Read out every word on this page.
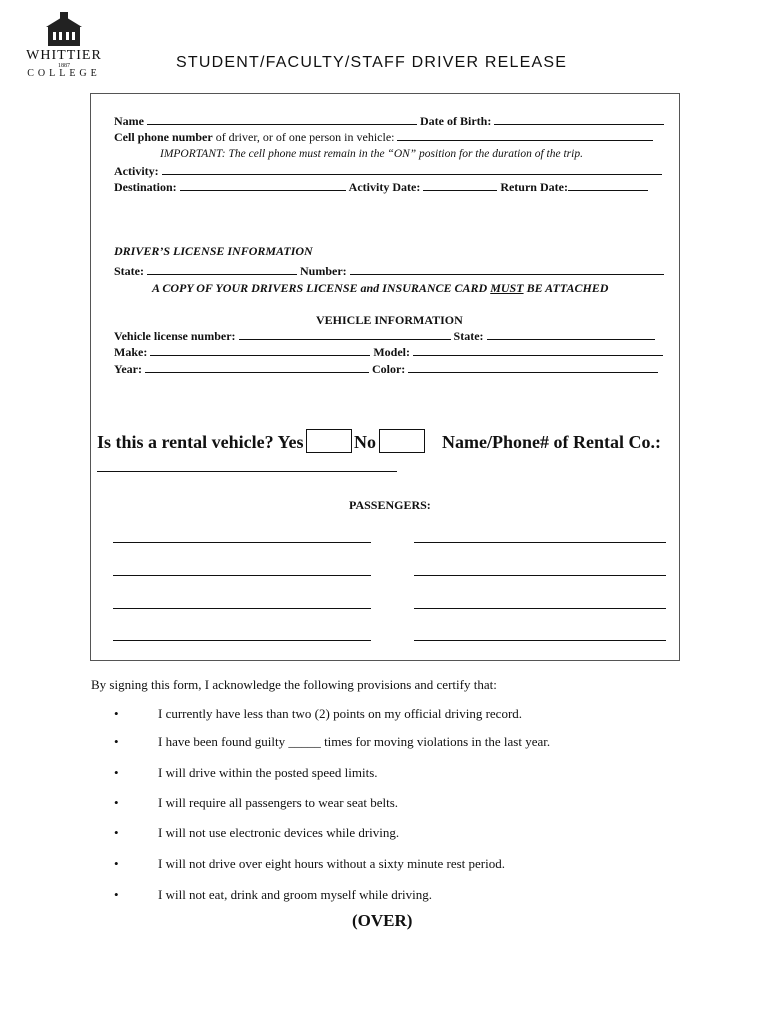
WHITTIER
1887
COLLEGE
STUDENT/FACULTY/STAFF DRIVER RELEASE
Name	Date of Birth:
Cell phone number of driver, or of one person in vehicle:
IMPORTANT: The cell phone must remain in the “ON” position for the duration of the trip.
Activity:
Destination:	Activity Date:	Return Date:
DRIVER’S LICENSE INFORMATION
State:	Number:
A COPY OF YOUR DRIVERS LICENSE and INSURANCE CARD MUST BE ATTACHED
VEHICLE INFORMATION
Vehicle license number:	State:
Make:	Model:
Year:	Color:
Is this a rental vehicle? Yes	No	Name/Phone# of Rental Co.:
PASSENGERS:
By signing this form, I acknowledge the following provisions and certify that:
•	I currently have less than two (2) points on my official driving record.
•	I have been found guilty _____ times for moving violations in the last year.
•	I will drive within the posted speed limits.
•	I will require all passengers to wear seat belts.
•	I will not use electronic devices while driving.
•	I will not drive over eight hours without a sixty minute rest period.
•	I will not eat, drink and groom myself while driving.
(OVER)
